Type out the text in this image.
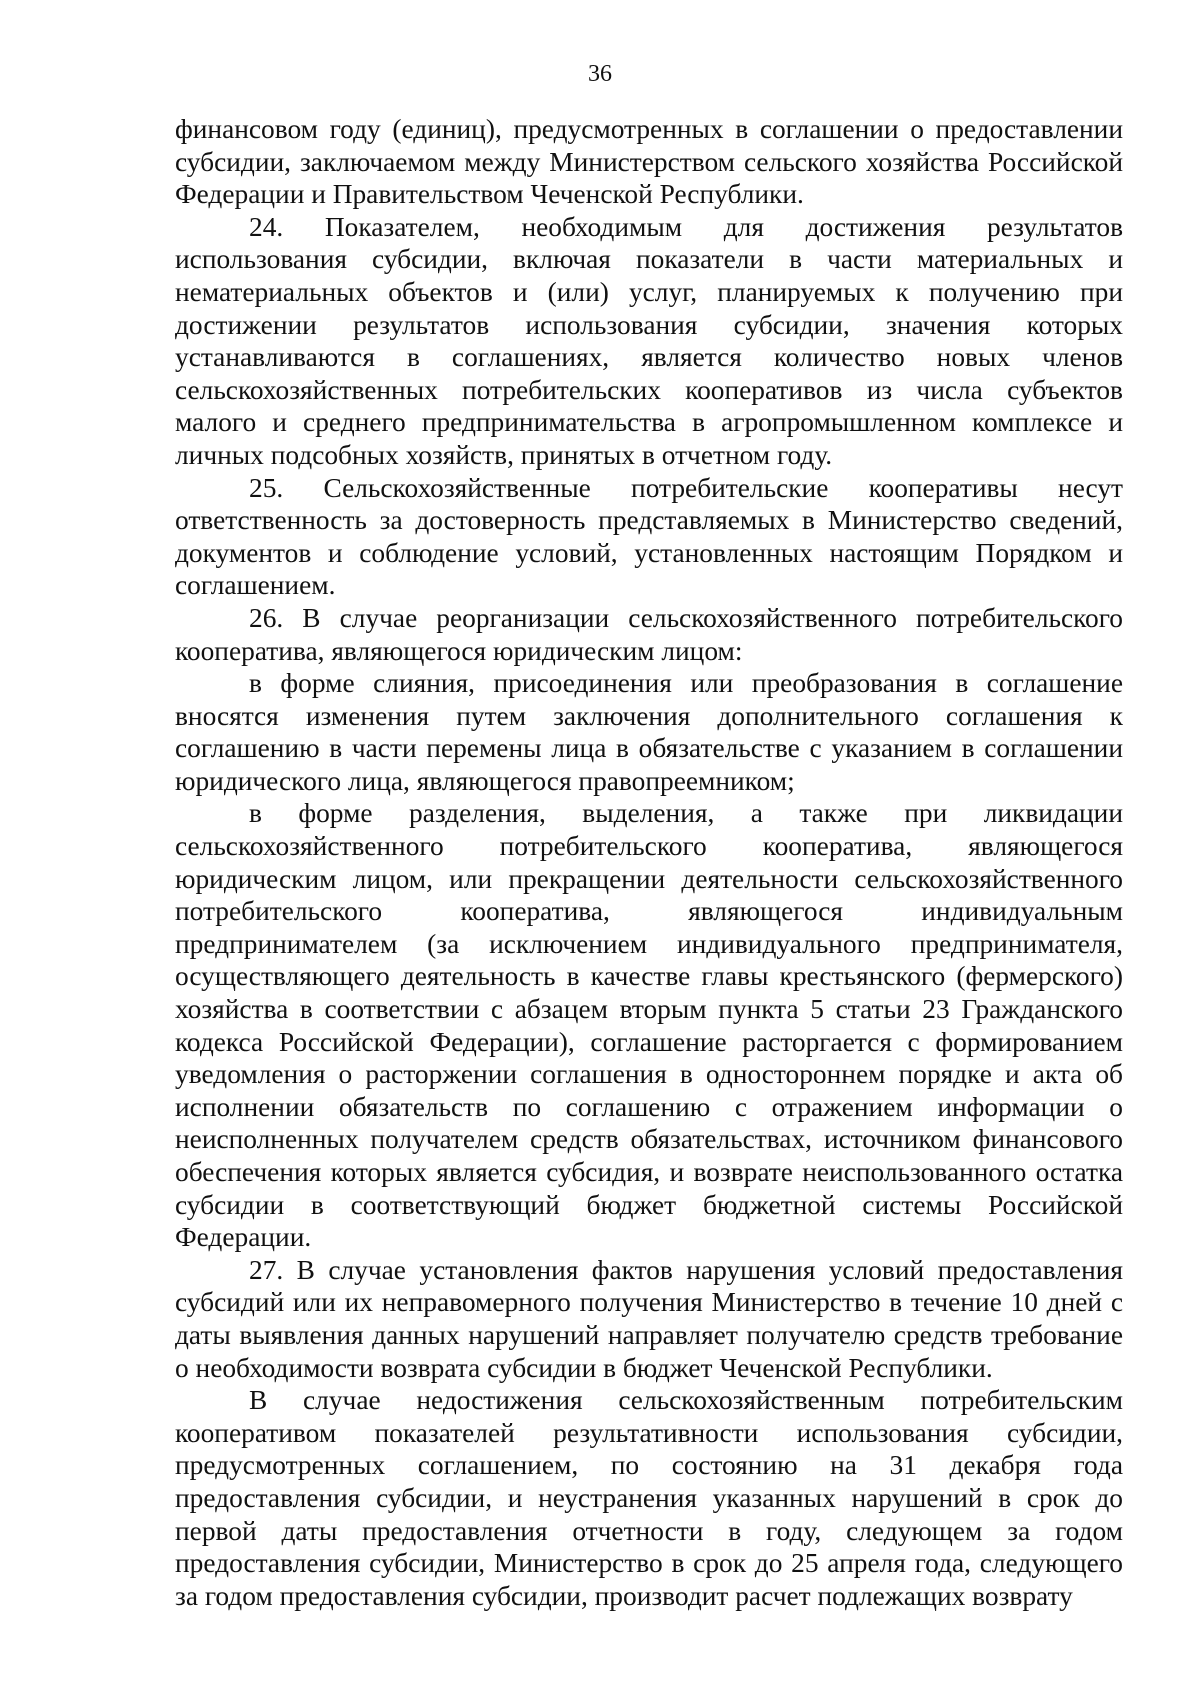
36

финансовом году (единиц), предусмотренных в соглашении о предоставлении субсидии, заключаемом между Министерством сельского хозяйства Российской Федерации и Правительством Чеченской Республики.

24. Показателем, необходимым для достижения результатов использования субсидии, включая показатели в части материальных и нематериальных объектов и (или) услуг, планируемых к получению при достижении результатов использования субсидии, значения которых устанавливаются в соглашениях, является количество новых членов сельскохозяйственных потребительских кооперативов из числа субъектов малого и среднего предпринимательства в агропромышленном комплексе и личных подсобных хозяйств, принятых в отчетном году.

25. Сельскохозяйственные потребительские кооперативы несут ответственность за достоверность представляемых в Министерство сведений, документов и соблюдение условий, установленных настоящим Порядком и соглашением.

26. В случае реорганизации сельскохозяйственного потребительского кооператива, являющегося юридическим лицом:

в форме слияния, присоединения или преобразования в соглашение вносятся изменения путем заключения дополнительного соглашения к соглашению в части перемены лица в обязательстве с указанием в соглашении юридического лица, являющегося правопреемником;

в форме разделения, выделения, а также при ликвидации сельскохозяйственного потребительского кооператива, являющегося юридическим лицом, или прекращении деятельности сельскохозяйственного потребительского кооператива, являющегося индивидуальным предпринимателем (за исключением индивидуального предпринимателя, осуществляющего деятельность в качестве главы крестьянского (фермерского) хозяйства в соответствии с абзацем вторым пункта 5 статьи 23 Гражданского кодекса Российской Федерации), соглашение расторгается с формированием уведомления о расторжении соглашения в одностороннем порядке и акта об исполнении обязательств по соглашению с отражением информации о неисполненных получателем средств обязательствах, источником финансового обеспечения которых является субсидия, и возврате неиспользованного остатка субсидии в соответствующий бюджет бюджетной системы Российской Федерации.

27. В случае установления фактов нарушения условий предоставления субсидий или их неправомерного получения Министерство в течение 10 дней с даты выявления данных нарушений направляет получателю средств требование о необходимости возврата субсидии в бюджет Чеченской Республики.

В случае недостижения сельскохозяйственным потребительским кооперативом показателей результативности использования субсидии, предусмотренных соглашением, по состоянию на 31 декабря года предоставления субсидии, и неустранения указанных нарушений в срок до первой даты предоставления отчетности в году, следующем за годом предоставления субсидии, Министерство в срок до 25 апреля года, следующего за годом предоставления субсидии, производит расчет подлежащих возврату
